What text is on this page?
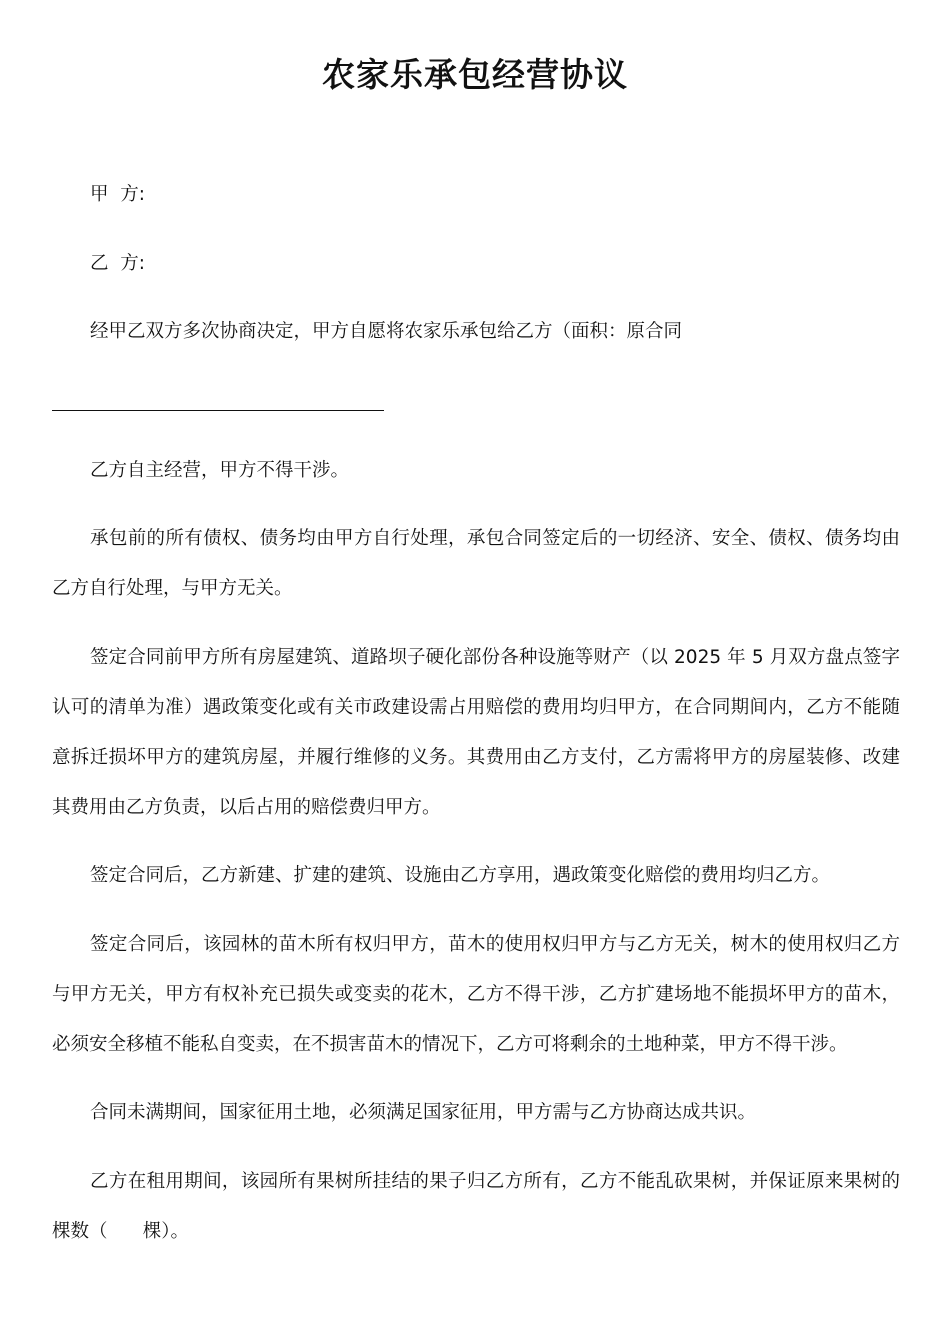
农家乐承包经营协议

甲  方:

乙  方:

经甲乙双方多次协商决定，甲方自愿将农家乐承包给乙方（面积：原合同

乙方自主经营，甲方不得干涉。

承包前的所有债权、债务均由甲方自行处理，承包合同签定后的一切经济、安全、债权、债务均由乙方自行处理，与甲方无关。

签定合同前甲方所有房屋建筑、道路坝子硬化部份各种设施等财产（以 2025 年 5 月双方盘点签字认可的清单为准）遇政策变化或有关市政建设需占用赔偿的费用均归甲方，在合同期间内，乙方不能随意拆迁损坏甲方的建筑房屋，并履行维修的义务。其费用由乙方支付，乙方需将甲方的房屋装修、改建其费用由乙方负责，以后占用的赔偿费归甲方。

签定合同后，乙方新建、扩建的建筑、设施由乙方享用，遇政策变化赔偿的费用均归乙方。

签定合同后，该园林的苗木所有权归甲方，苗木的使用权归甲方与乙方无关，树木的使用权归乙方与甲方无关，甲方有权补充已损失或变卖的花木，乙方不得干涉，乙方扩建场地不能损坏甲方的苗木，必须安全移植不能私自变卖，在不损害苗木的情况下，乙方可将剩余的土地种菜，甲方不得干涉。

合同未满期间，国家征用土地，必须满足国家征用，甲方需与乙方协商达成共识。

乙方在租用期间，该园所有果树所挂结的果子归乙方所有，乙方不能乱砍果树，并保证原来果树的棵数（      棵）。
